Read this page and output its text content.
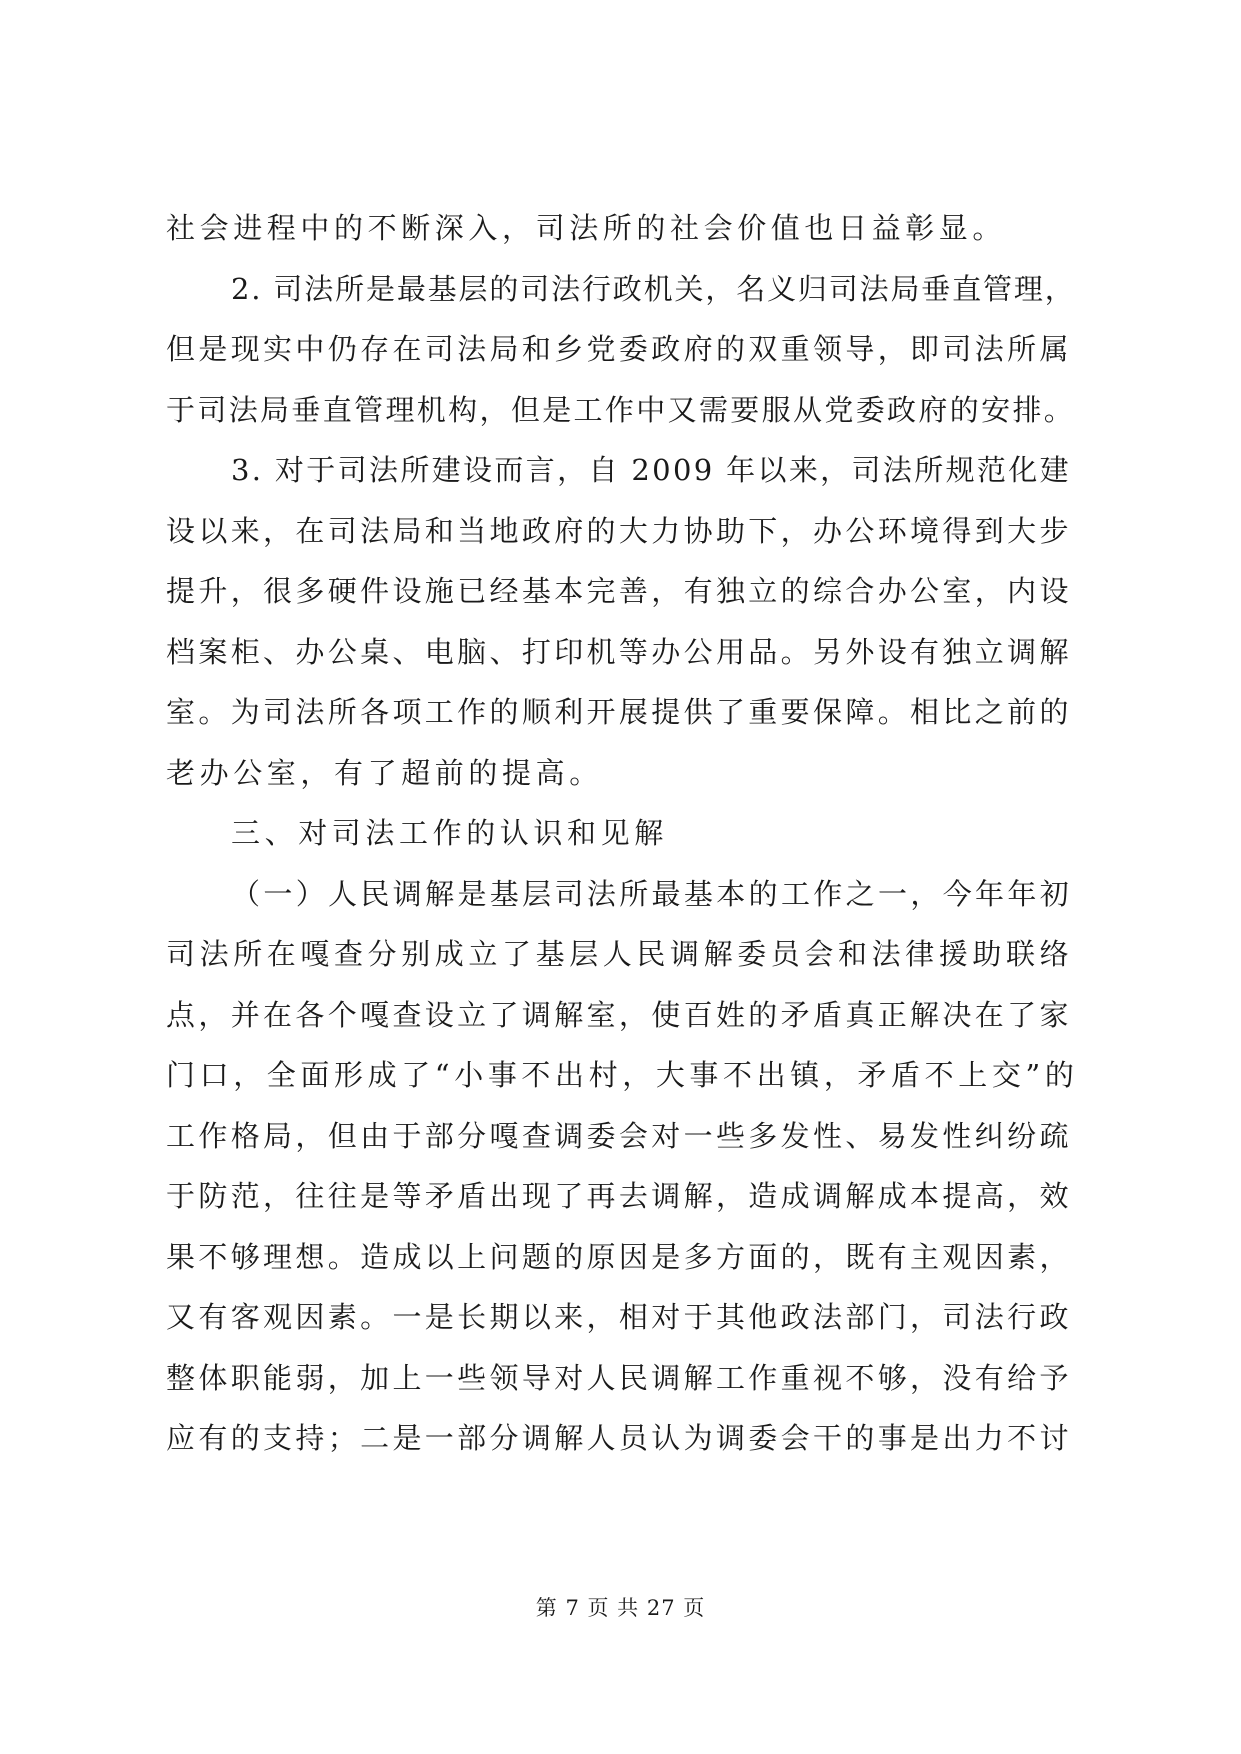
社会进程中的不断深入，司法所的社会价值也日益彰显。
2. 司法所是最基层的司法行政机关，名义归司法局垂直管理，
但是现实中仍存在司法局和乡党委政府的双重领导，即司法所属
于司法局垂直管理机构，但是工作中又需要服从党委政府的安排。
3. 对于司法所建设而言，自 2009 年以来，司法所规范化建
设以来，在司法局和当地政府的大力协助下，办公环境得到大步
提升，很多硬件设施已经基本完善，有独立的综合办公室，内设
档案柜、办公桌、电脑、打印机等办公用品。另外设有独立调解
室。为司法所各项工作的顺利开展提供了重要保障。相比之前的
老办公室，有了超前的提高。
三、对司法工作的认识和见解
（一）人民调解是基层司法所最基本的工作之一，今年年初
司法所在嘎查分别成立了基层人民调解委员会和法律援助联络
点，并在各个嘎查设立了调解室，使百姓的矛盾真正解决在了家
门口，全面形成了“小事不出村，大事不出镇，矛盾不上交”的
工作格局，但由于部分嘎查调委会对一些多发性、易发性纠纷疏
于防范，往往是等矛盾出现了再去调解，造成调解成本提高，效
果不够理想。造成以上问题的原因是多方面的，既有主观因素，
又有客观因素。一是长期以来，相对于其他政法部门，司法行政
整体职能弱，加上一些领导对人民调解工作重视不够，没有给予
应有的支持；二是一部分调解人员认为调委会干的事是出力不讨
第 7 页 共 27 页
